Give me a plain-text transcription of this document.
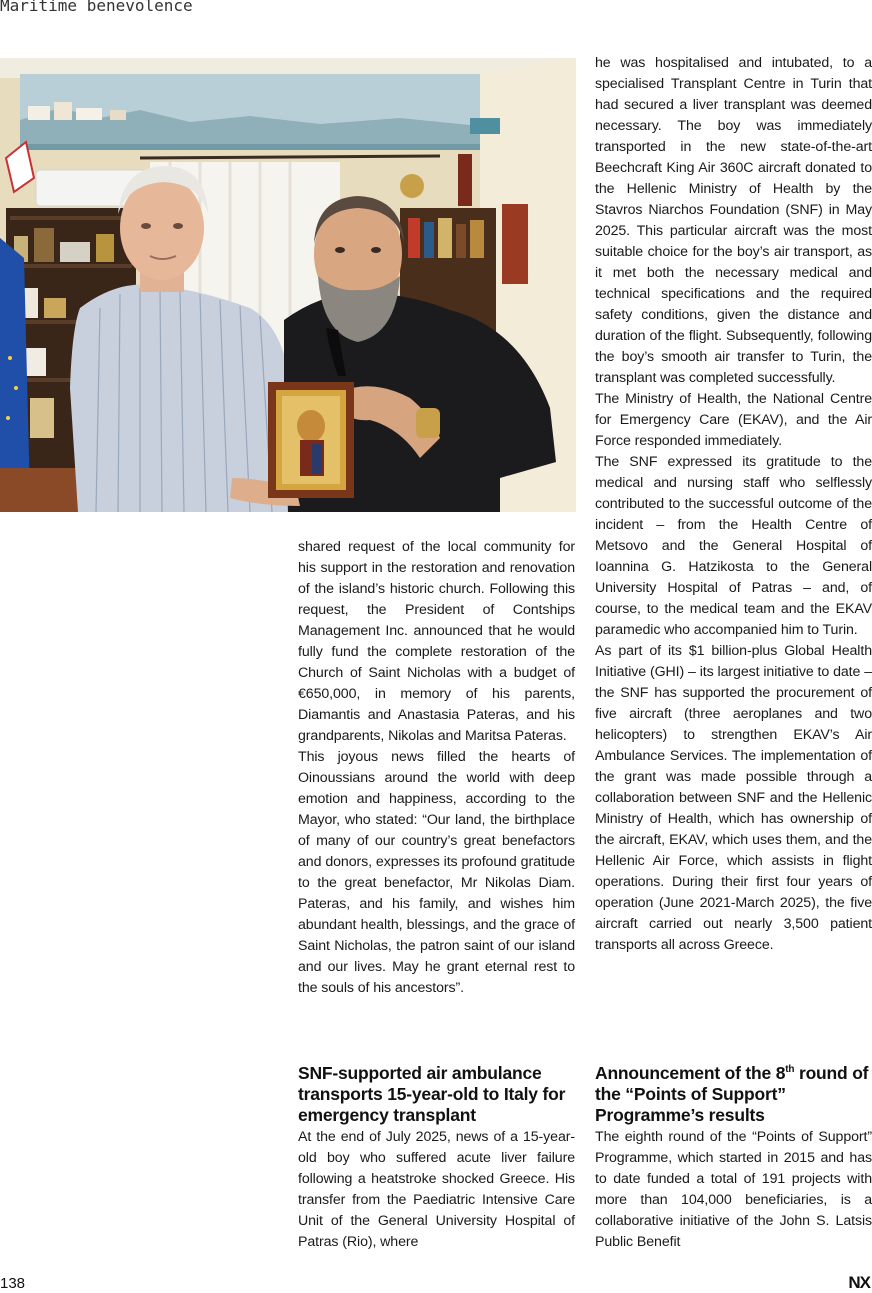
Maritime benevolence

shared request of the local community for his support in the restoration and renovation of the island’s historic church. Following this request, the President of Contships Management Inc. announced that he would fully fund the complete restoration of the Church of Saint Nicholas with a budget of €650,000, in memory of his parents, Diamantis and Anastasia Pateras, and his grandparents, Nikolas and Maritsa Pateras.

This joyous news filled the hearts of Oinoussians around the world with deep emotion and happiness, according to the Mayor, who stated: “Our land, the birthplace of many of our country’s great benefactors and donors, expresses its profound gratitude to the great benefactor, Mr Nikolas Diam. Pateras, and his family, and wishes him abundant health, blessings, and the grace of Saint Nicholas, the patron saint of our island and our lives. May he grant eternal rest to the souls of his ancestors”.

SNF-supported air ambulance transports 15-year-old to Italy for emergency transplant

At the end of July 2025, news of a 15-year-old boy who suffered acute liver failure following a heatstroke shocked Greece. His transfer from the Paediatric Intensive Care Unit of the General University Hospital of Patras (Rio), where

he was hospitalised and intubated, to a specialised Transplant Centre in Turin that had secured a liver transplant was deemed necessary. The boy was immediately transported in the new state-of-the-art Beechcraft King Air 360C aircraft donated to the Hellenic Ministry of Health by the Stavros Niarchos Foundation (SNF) in May 2025. This particular aircraft was the most suitable choice for the boy’s air transport, as it met both the necessary medical and technical specifications and the required safety conditions, given the distance and duration of the flight. Subsequently, following the boy’s smooth air transfer to Turin, the transplant was completed successfully.

The Ministry of Health, the National Centre for Emergency Care (EKAV), and the Air Force responded immediately.

The SNF expressed its gratitude to the medical and nursing staff who selflessly contributed to the successful outcome of the incident – from the Health Centre of Metsovo and the General Hospital of Ioannina G. Hatzikosta to the General University Hospital of Patras – and, of course, to the medical team and the EKAV paramedic who accompanied him to Turin.

As part of its $1 billion-plus Global Health Initiative (GHI) – its largest initiative to date – the SNF has supported the procurement of five aircraft (three aeroplanes and two helicopters) to strengthen EKAV’s Air Ambulance Services. The implementation of the grant was made possible through a collaboration between SNF and the Hellenic Ministry of Health, which has ownership of the aircraft, EKAV, which uses them, and the Hellenic Air Force, which assists in flight operations. During their first four years of operation (June 2021-March 2025), the five aircraft carried out nearly 3,500 patient transports all across Greece.

Announcement of the 8th round of the “Points of Support” Programme’s results

The eighth round of the “Points of Support” Programme, which started in 2015 and has to date funded a total of 191 projects with more than 104,000 beneficiaries, is a collaborative initiative of the John S. Latsis Public Benefit

138	NX
